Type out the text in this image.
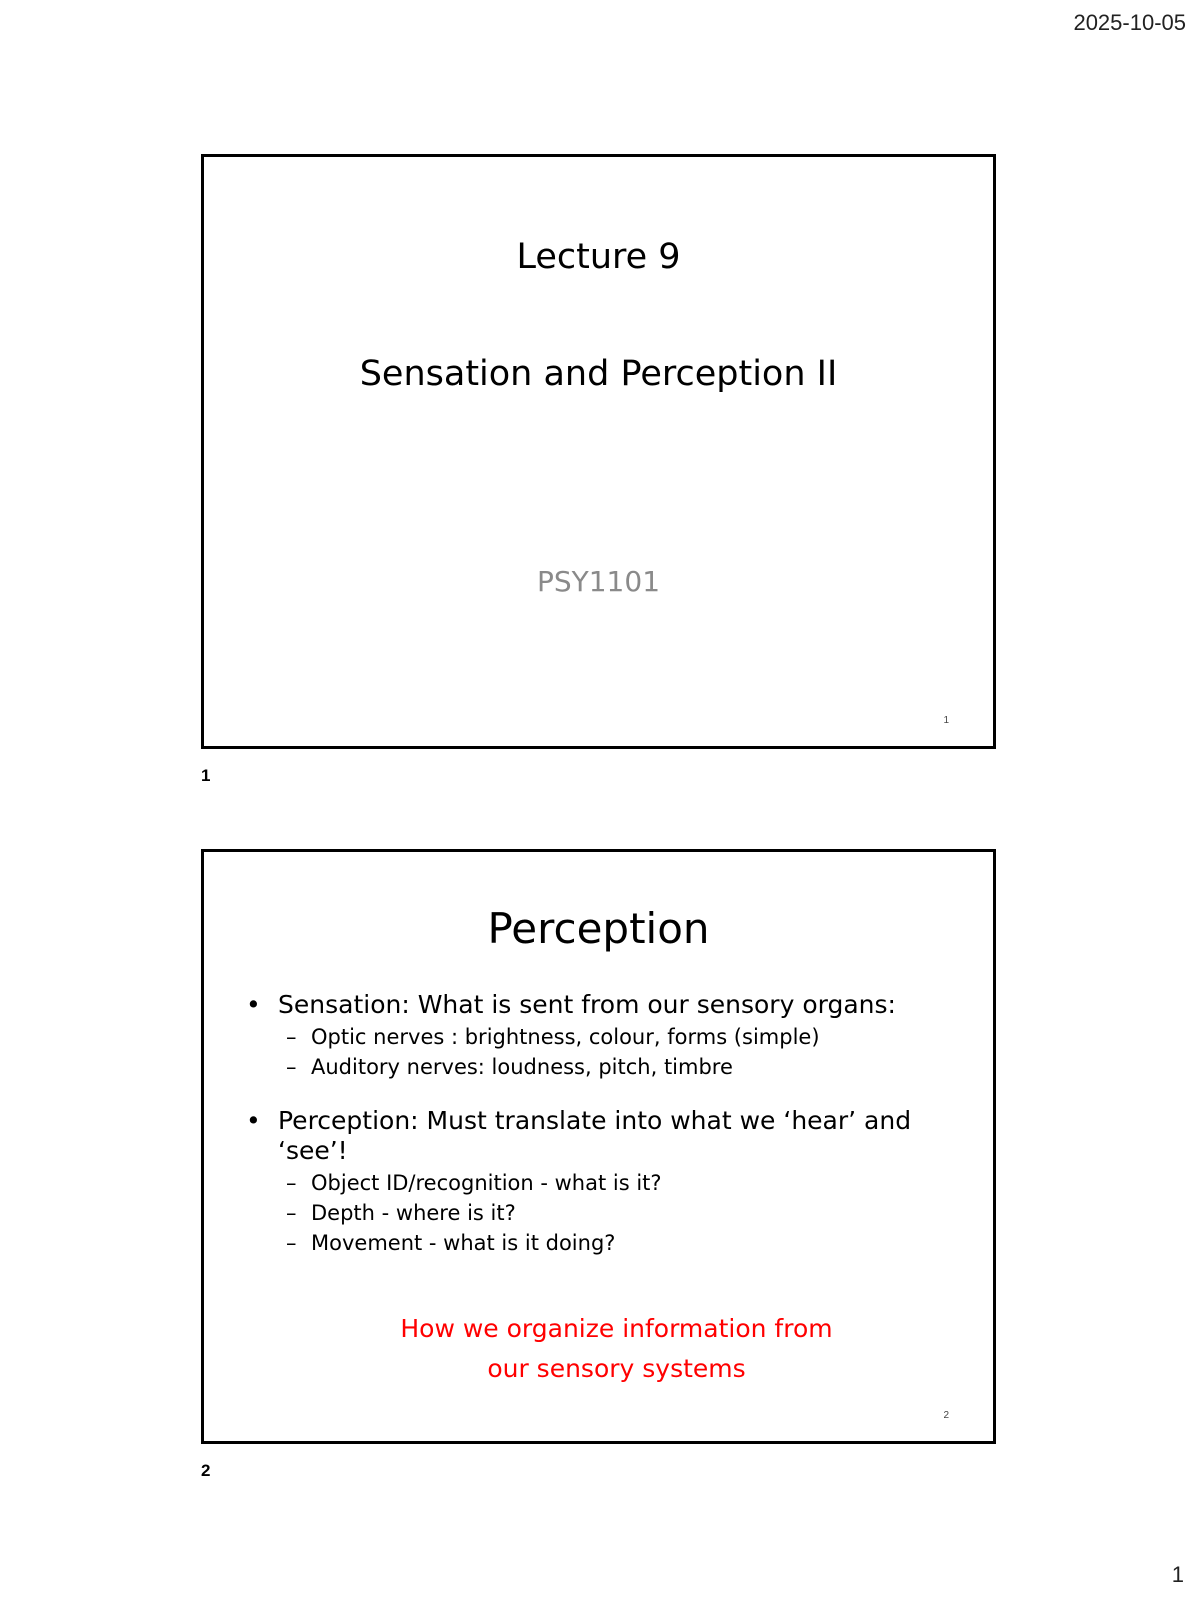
2025-10-05
Lecture 9
Sensation and Perception II
PSY1101
1
1
Perception
• Sensation: What is sent from our sensory organs:
– Optic nerves : brightness, colour, forms (simple)
– Auditory nerves: loudness, pitch, timbre
• Perception: Must translate into what we ‘hear’ and ‘see’!
– Object ID/recognition - what is it?
– Depth - where is it?
– Movement - what is it doing?
How we organize information from
our sensory systems
2
2
1
